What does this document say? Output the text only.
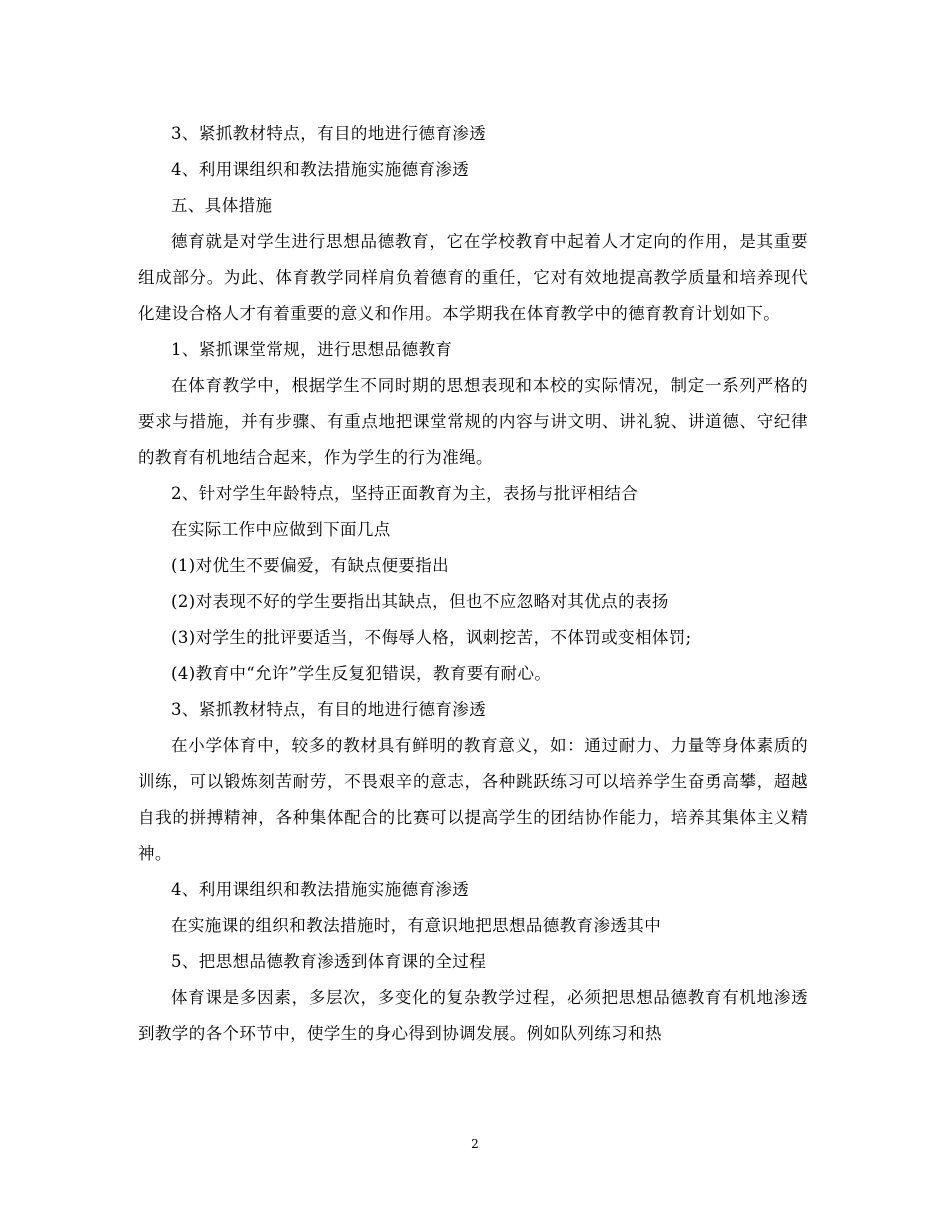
3、紧抓教材特点，有目的地进行德育渗透

4、利用课组织和教法措施实施德育渗透

五、具体措施

德育就是对学生进行思想品德教育，它在学校教育中起着人才定向的作用，是其重要组成部分。为此、体育教学同样肩负着德育的重任，它对有效地提高教学质量和培养现代化建设合格人才有着重要的意义和作用。本学期我在体育教学中的德育教育计划如下。

1、紧抓课堂常规，进行思想品德教育

在体育教学中，根据学生不同时期的思想表现和本校的实际情况，制定一系列严格的要求与措施，并有步骤、有重点地把课堂常规的内容与讲文明、讲礼貌、讲道德、守纪律的教育有机地结合起来，作为学生的行为准绳。

2、针对学生年龄特点，坚持正面教育为主，表扬与批评相结合

在实际工作中应做到下面几点

(1)对优生不要偏爱，有缺点便要指出

(2)对表现不好的学生要指出其缺点，但也不应忽略对其优点的表扬

(3)对学生的批评要适当，不侮辱人格，讽刺挖苦，不体罚或变相体罚;

(4)教育中“允许”学生反复犯错误，教育要有耐心。

3、紧抓教材特点，有目的地进行德育渗透

在小学体育中，较多的教材具有鲜明的教育意义，如：通过耐力、力量等身体素质的训练，可以锻炼刻苦耐劳，不畏艰辛的意志，各种跳跃练习可以培养学生奋勇高攀，超越自我的拼搏精神，各种集体配合的比赛可以提高学生的团结协作能力，培养其集体主义精神。

4、利用课组织和教法措施实施德育渗透

在实施课的组织和教法措施时，有意识地把思想品德教育渗透其中

5、把思想品德教育渗透到体育课的全过程

体育课是多因素，多层次，多变化的复杂教学过程，必须把思想品德教育有机地渗透到教学的各个环节中，使学生的身心得到协调发展。例如队列练习和热

2
